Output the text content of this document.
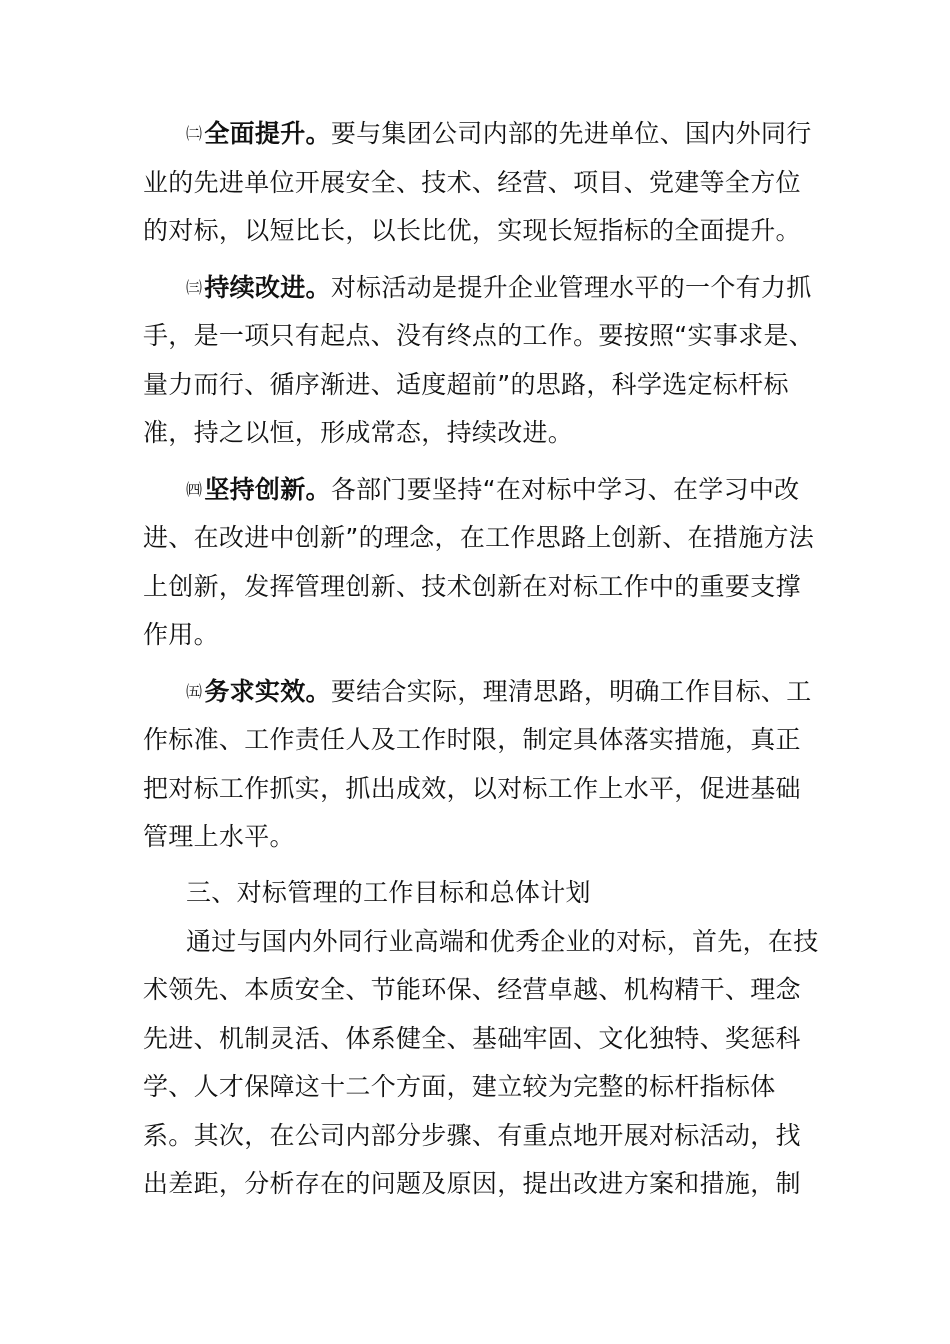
㈡全面提升。要与集团公司内部的先进单位、国内外同行业的先进单位开展安全、技术、经营、项目、党建等全方位的对标，以短比长，以长比优，实现长短指标的全面提升。

㈢持续改进。对标活动是提升企业管理水平的一个有力抓手，是一项只有起点、没有终点的工作。要按照“实事求是、量力而行、循序渐进、适度超前”的思路，科学选定标杆标准，持之以恒，形成常态，持续改进。

㈣坚持创新。各部门要坚持“在对标中学习、在学习中改进、在改进中创新”的理念，在工作思路上创新、在措施方法上创新，发挥管理创新、技术创新在对标工作中的重要支撑作用。

㈤务求实效。要结合实际，理清思路，明确工作目标、工作标准、工作责任人及工作时限，制定具体落实措施，真正把对标工作抓实，抓出成效，以对标工作上水平，促进基础管理上水平。

三、对标管理的工作目标和总体计划

通过与国内外同行业高端和优秀企业的对标，首先，在技术领先、本质安全、节能环保、经营卓越、机构精干、理念先进、机制灵活、体系健全、基础牢固、文化独特、奖惩科学、人才保障这十二个方面，建立较为完整的标杆指标体系。其次，在公司内部分步骤、有重点地开展对标活动，找出差距，分析存在的问题及原因，提出改进方案和措施，制
